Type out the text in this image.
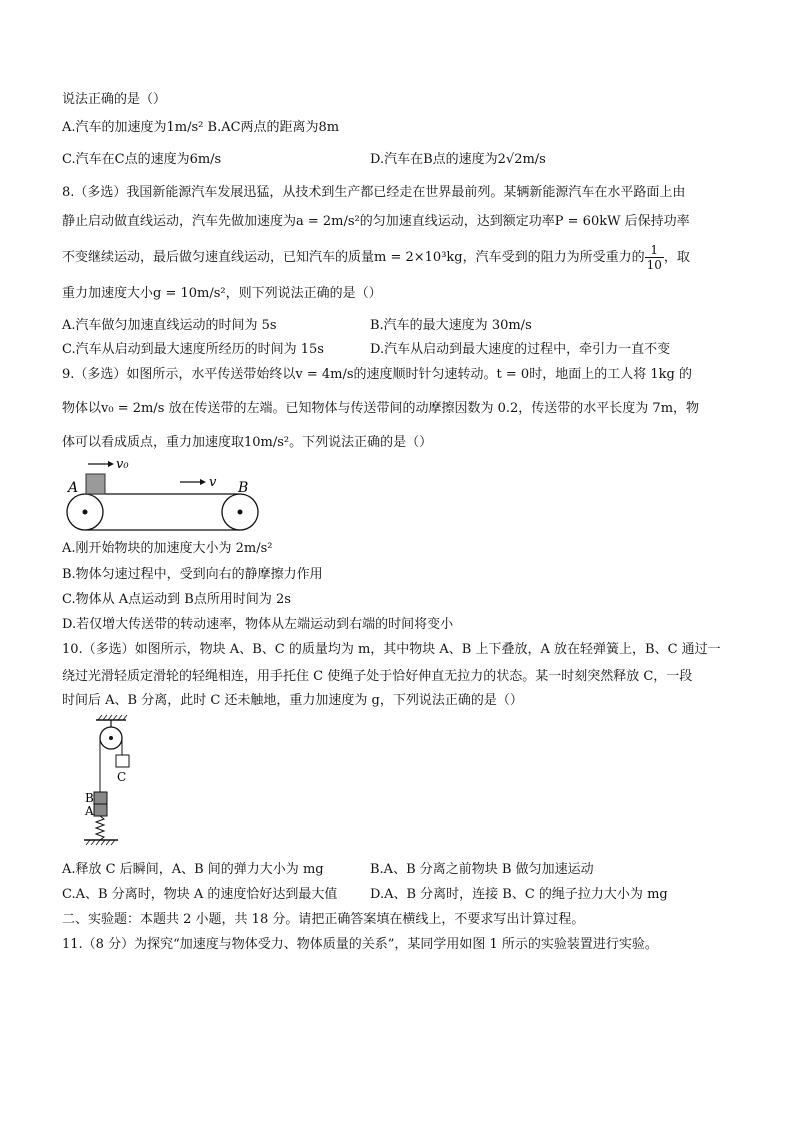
说法正确的是（）
A.汽车的加速度为1m/s² B.AC两点的距离为8m
C.汽车在C点的速度为6m/s	D.汽车在B点的速度为2√2m/s
8.（多选）我国新能源汽车发展迅猛，从技术到生产都已经走在世界最前列。某辆新能源汽车在水平路面上由
静止启动做直线运动，汽车先做加速度为a = 2m/s²的匀加速直线运动，达到额定功率P = 60kW 后保持功率
不变继续运动，最后做匀速直线运动，已知汽车的质量m = 2×10³kg，汽车受到的阻力为所受重力的 $\frac{1}{10}$ ，取
重力加速度大小g = 10m/s²，则下列说法正确的是（）
A.汽车做匀加速直线运动的时间为 5s	B.汽车的最大速度为 30m/s
C.汽车从启动到最大速度所经历的时间为 15s	D.汽车从启动到最大速度的过程中，牵引力一直不变
9.（多选）如图所示，水平传送带始终以v = 4m/s的速度顺时针匀速转动。t = 0时，地面上的工人将 1kg 的
物体以v₀ = 2m/s 放在传送带的左端。已知物体与传送带间的动摩擦因数为 0.2，传送带的水平长度为 7m，物
体可以看成质点，重力加速度取10m/s²。下列说法正确的是（）
v₀
v
A	B
A.刚开始物块的加速度大小为 2m/s²
B.物体匀速过程中，受到向右的静摩擦力作用
C.物体从 A点运动到 B点所用时间为 2s
D.若仅增大传送带的转动速率，物体从左端运动到右端的时间将变小
10.（多选）如图所示，物块 A、B、C 的质量均为 m，其中物块 A、B 上下叠放，A 放在轻弹簧上，B、C 通过一
绕过光滑轻质定滑轮的轻绳相连，用手托住 C 使绳子处于恰好伸直无拉力的状态。某一时刻突然释放 C，一段
时间后 A、B 分离，此时 C 还未触地，重力加速度为 g，下列说法正确的是（）
C
B
A
A.释放 C 后瞬间，A、B 间的弹力大小为 mg	B.A、B 分离之前物块 B 做匀加速运动
C.A、B 分离时，物块 A 的速度恰好达到最大值	D.A、B 分离时，连接 B、C 的绳子拉力大小为 mg
二、实验题：本题共 2 小题，共 18 分。请把正确答案填在横线上，不要求写出计算过程。
11.（8 分）为探究“加速度与物体受力、物体质量的关系”，某同学用如图 1 所示的实验装置进行实验。
